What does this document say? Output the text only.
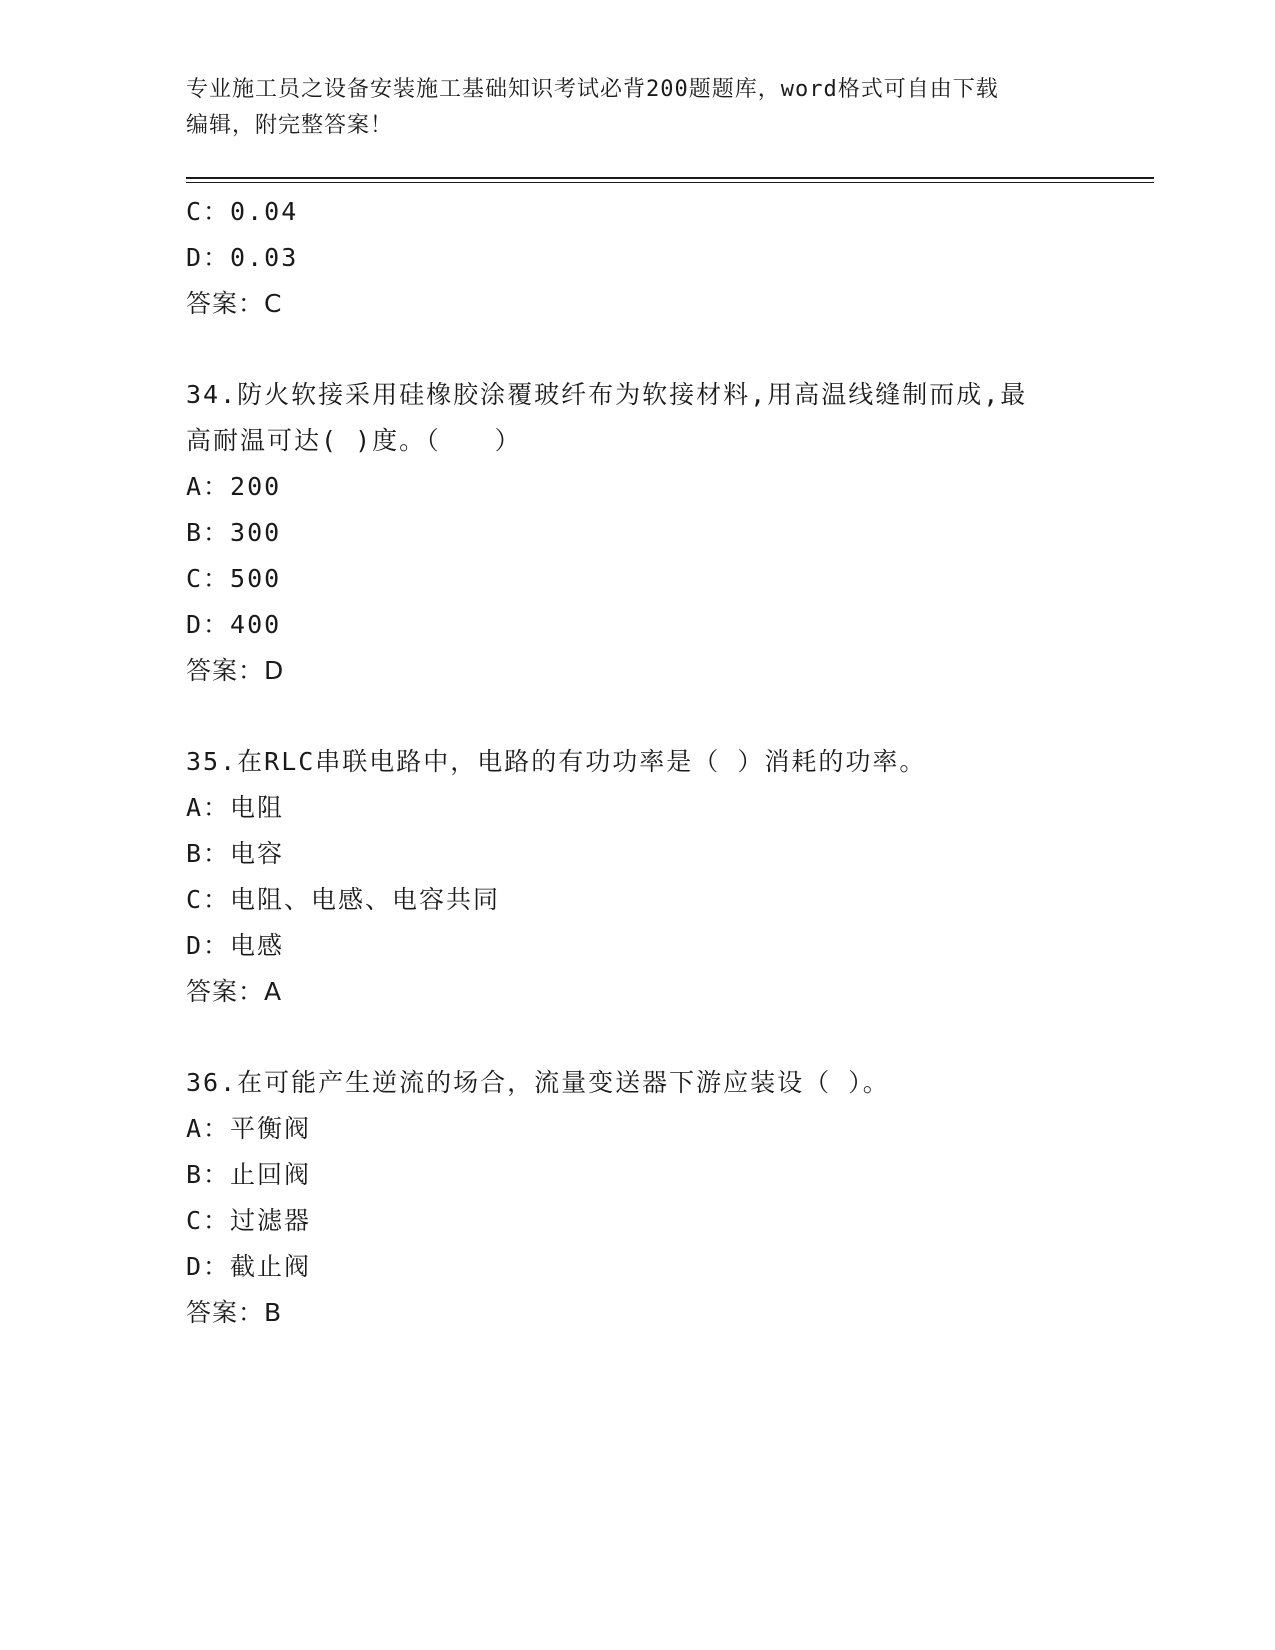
专业施工员之设备安装施工基础知识考试必背200题题库，word格式可自由下载
编辑，附完整答案！
C：0.04
D：0.03
答案：C
34.防火软接采用硅橡胶涂覆玻纤布为软接材料,用高温线缝制而成,最
高耐温可达( )度。（　　）
A：200
B：300
C：500
D：400
答案：D
35.在RLC串联电路中，电路的有功功率是（ ）消耗的功率。
A：电阻
B：电容
C：电阻、电感、电容共同
D：电感
答案：A
36.在可能产生逆流的场合，流量变送器下游应装设（ ）。
A：平衡阀
B：止回阀
C：过滤器
D：截止阀
答案：B
